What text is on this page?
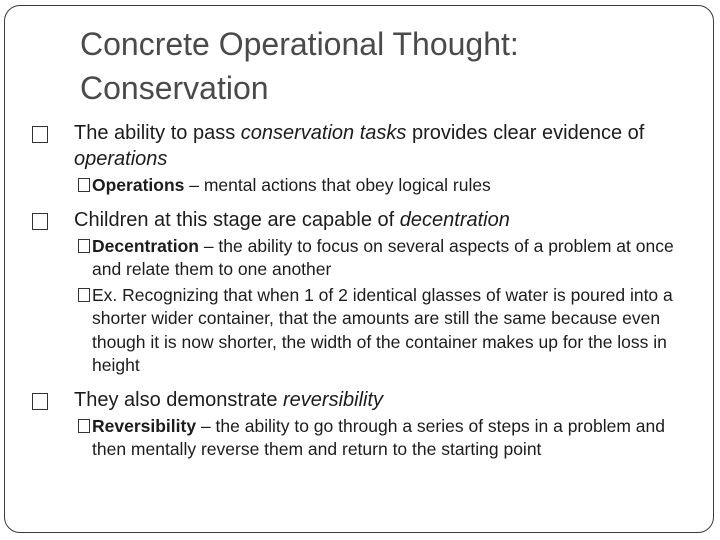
Concrete Operational Thought:
Conservation
The ability to pass conservation tasks provides clear evidence of operations
Operations – mental actions that obey logical rules
Children at this stage are capable of decentration
Decentration – the ability to focus on several aspects of a problem at once and relate them to one another
Ex. Recognizing that when 1 of 2 identical glasses of water is poured into a shorter wider container, that the amounts are still the same because even though it is now shorter, the width of the container makes up for the loss in height
They also demonstrate reversibility
Reversibility – the ability to go through a series of steps in a problem and then mentally reverse them and return to the starting point
